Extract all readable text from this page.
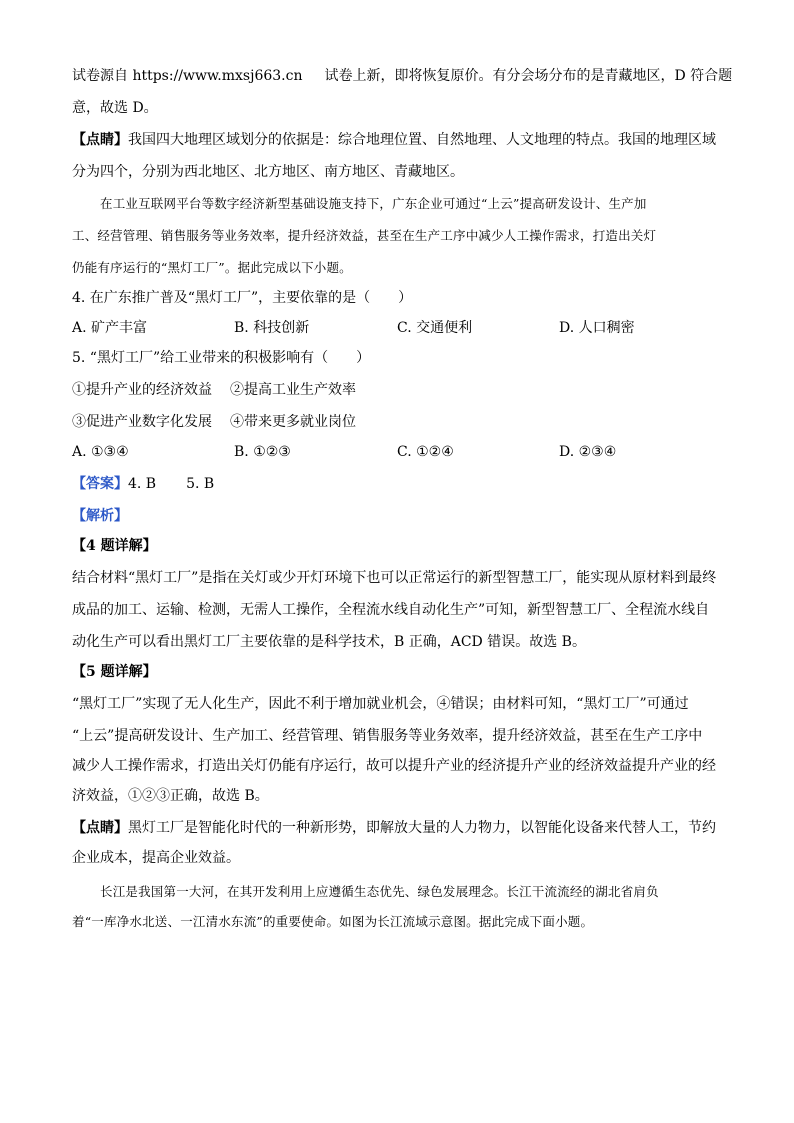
试卷源自 https://www.mxsj663.cn 试卷上新，即将恢复原价。有分会场分布的是青藏地区，D 符合题
意，故选 D。
【点睛】我国四大地理区域划分的依据是：综合地理位置、自然地理、人文地理的特点。我国的地理区域
分为四个，分别为西北地区、北方地区、南方地区、青藏地区。
在工业互联网平台等数字经济新型基础设施支持下，广东企业可通过“上云”提高研发设计、生产加
工、经营管理、销售服务等业务效率，提升经济效益，甚至在生产工序中减少人工操作需求，打造出关灯
仍能有序运行的“黑灯工厂”。据此完成以下小题。
4. 在广东推广普及“黑灯工厂”，主要依靠的是（　　）
A. 矿产丰富	B. 科技创新	C. 交通便利	D. 人口稠密
5. “黑灯工厂”给工业带来的积极影响有（　　）
①提升产业的经济效益 ②提高工业生产效率
③促进产业数字化发展 ④带来更多就业岗位
A. ①③④	B. ①②③	C. ①②④	D. ②③④
【答案】4. B 5. B
【解析】
【4 题详解】
结合材料“黑灯工厂”是指在关灯或少开灯环境下也可以正常运行的新型智慧工厂，能实现从原材料到最终
成品的加工、运输、检测，无需人工操作，全程流水线自动化生产”可知，新型智慧工厂、全程流水线自
动化生产可以看出黑灯工厂主要依靠的是科学技术，B 正确，ACD 错误。故选 B。
【5 题详解】
“黑灯工厂”实现了无人化生产，因此不利于增加就业机会，④错误；由材料可知，“黑灯工厂”可通过
“上云”提高研发设计、生产加工、经营管理、销售服务等业务效率，提升经济效益，甚至在生产工序中
减少人工操作需求，打造出关灯仍能有序运行，故可以提升产业的经济提升产业的经济效益提升产业的经
济效益，①②③正确，故选 B。
【点睛】黑灯工厂是智能化时代的一种新形势，即解放大量的人力物力，以智能化设备来代替人工，节约
企业成本，提高企业效益。
长江是我国第一大河，在其开发利用上应遵循生态优先、绿色发展理念。长江干流流经的湖北省肩负
着“一库净水北送、一江清水东流”的重要使命。如图为长江流域示意图。据此完成下面小题。
